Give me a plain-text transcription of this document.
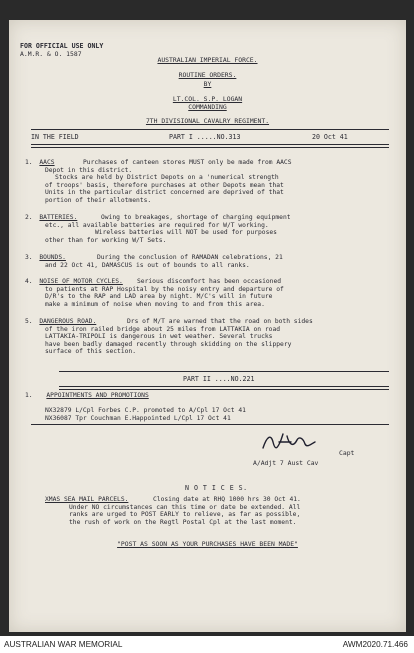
FOR OFFICIAL USE ONLY
A.M.R. & O. 1587
AUSTRALIAN IMPERIAL FORCE.
ROUTINE ORDERS.
BY
LT.COL. S.P. LOGAN
COMMANDING
7TH DIVISIONAL CAVALRY REGIMENT.
IN THE FIELD	PART I .....NO.313	20 Oct 41
1. AACS	Purchases of canteen stores MUST only be made from AACS
Depot in this district.
Stocks are held by District Depots on a 'numerical strength
of troops' basis, therefore purchases at other Depots mean that
Units in the particular district concerned are deprived of that
portion of their allotments.
2. BATTERIES.	Owing to breakages, shortage of charging equipment
etc., all available batteries are required for W/T working.
Wireless batteries will NOT be used for purposes
other than for working W/T Sets.
3. BOUNDS.	During the conclusion of RAMADAN celebrations, 21
and 22 Oct 41, DAMASCUS is out of bounds to all ranks.
4. NOISE OF MOTOR CYCLES. Serious discomfort has been occasioned
to patients at RAP Hospital by the noisy entry and departure of
D/R's to the RAP and LAD area by night. M/C's will in future
make a minimum of noise when moving to and from this area.
5. DANGEROUS ROAD.	Drs of M/T are warned that the road on both sides
of the iron railed bridge about 25 miles from LATTAKIA on road
LATTAKIA-TRIPOLI is dangerous in wet weather. Several trucks
have been badly damaged recently through skidding on the slippery
surface of this section.
PART II ....NO.221
1. APPOINTMENTS AND PROMOTIONS
NX32879 L/Cpl Forbes C.P. promoted to A/Cpl 17 Oct 41
NX36087 Tpr Couchman E.Happointed L/Cpl 17 Oct 41
Capt
A/Adjt 7 Aust Cav
N O T I C E S.
XMAS SEA MAIL PARCELS.	Closing date at RHQ 1000 hrs 30 Oct 41.
Under NO circumstances can this time or date be extended. All
ranks are urged to POST EARLY to relieve, as far as possible,
the rush of work on the Regtl Postal Cpl at the last moment.
"POST AS SOON AS YOUR PURCHASES HAVE BEEN MADE"
AUSTRALIAN WAR MEMORIAL	AWM2020.71.466
